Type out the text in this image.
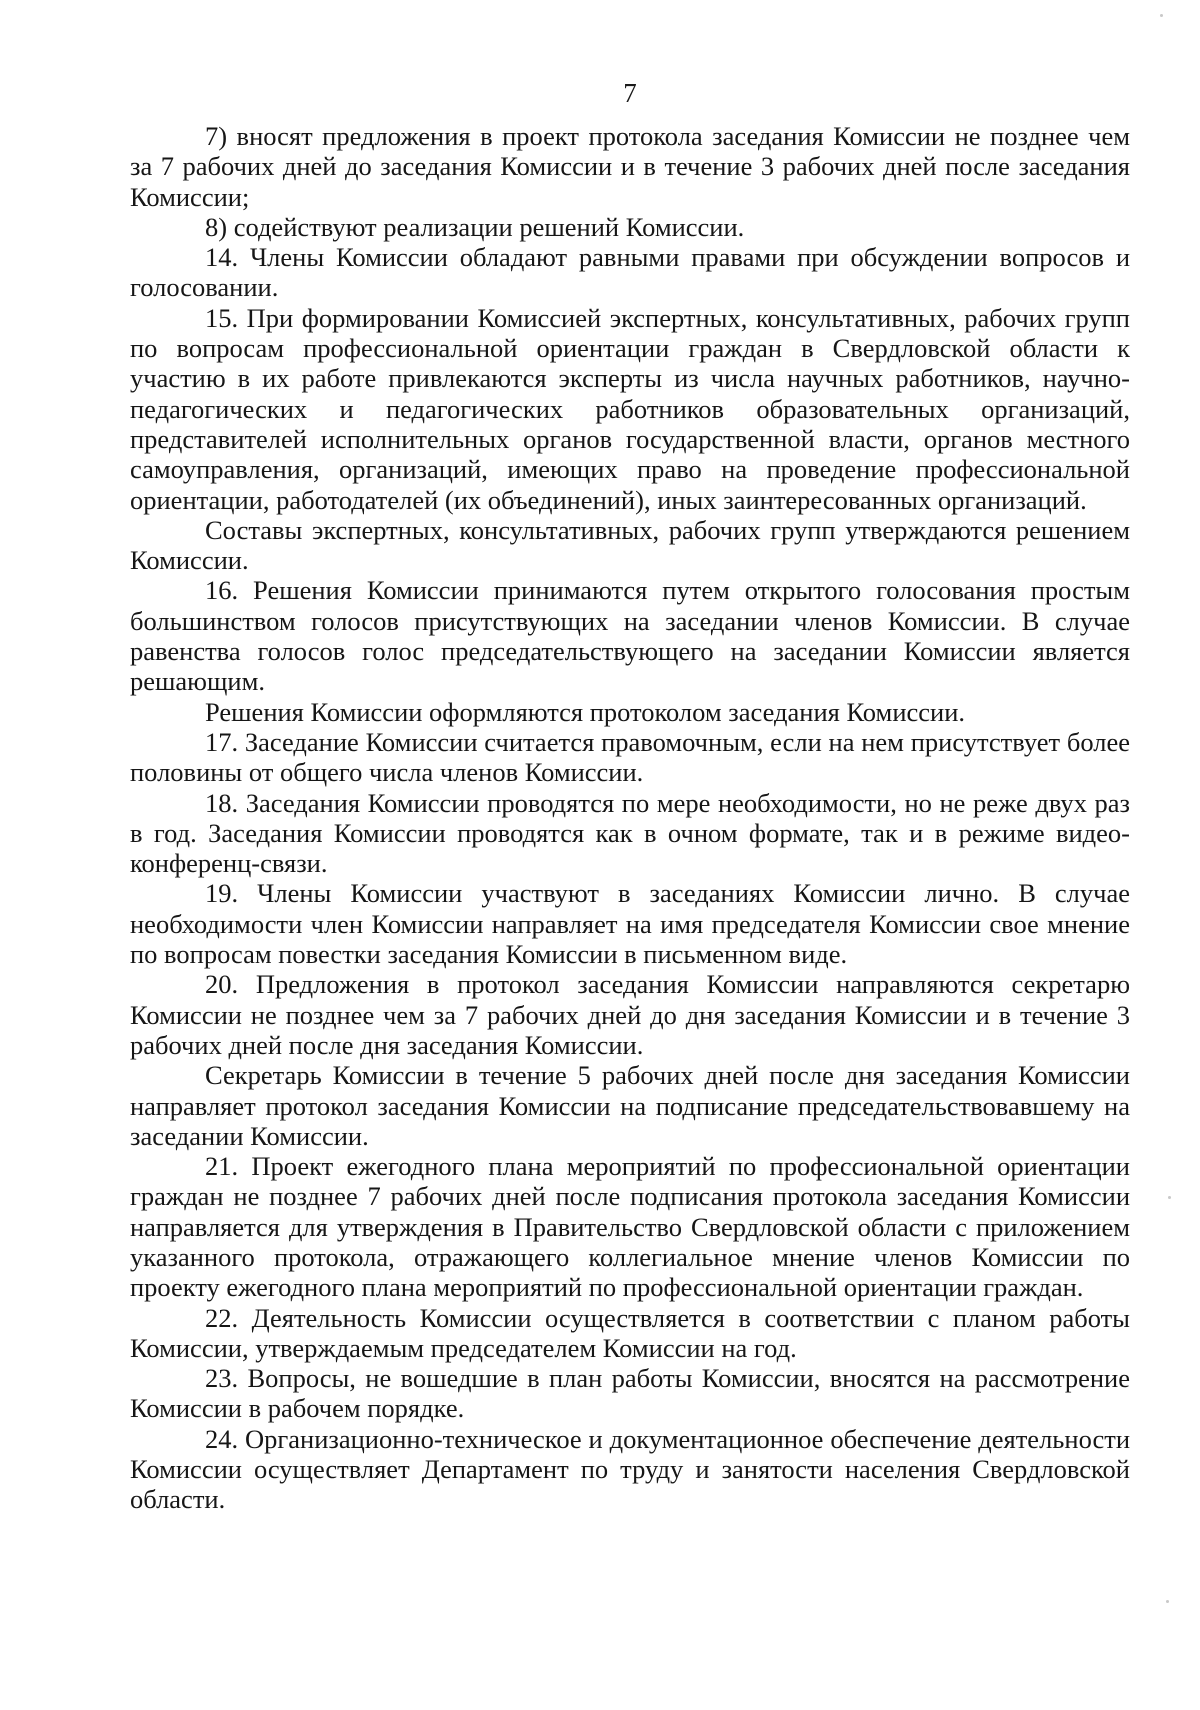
7

7) вносят предложения в проект протокола заседания Комиссии не позднее чем за 7 рабочих дней до заседания Комиссии и в течение 3 рабочих дней после заседания Комиссии;

8) содействуют реализации решений Комиссии.

14. Члены Комиссии обладают равными правами при обсуждении вопросов и голосовании.

15. При формировании Комиссией экспертных, консультативных, рабочих групп по вопросам профессиональной ориентации граждан в Свердловской области к участию в их работе привлекаются эксперты из числа научных работников, научно-педагогических и педагогических работников образовательных организаций, представителей исполнительных органов государственной власти, органов местного самоуправления, организаций, имеющих право на проведение профессиональной ориентации, работодателей (их объединений), иных заинтересованных организаций.

Составы экспертных, консультативных, рабочих групп утверждаются решением Комиссии.

16. Решения Комиссии принимаются путем открытого голосования простым большинством голосов присутствующих на заседании членов Комиссии. В случае равенства голосов голос председательствующего на заседании Комиссии является решающим.

Решения Комиссии оформляются протоколом заседания Комиссии.

17. Заседание Комиссии считается правомочным, если на нем присутствует более половины от общего числа членов Комиссии.

18. Заседания Комиссии проводятся по мере необходимости, но не реже двух раз в год. Заседания Комиссии проводятся как в очном формате, так и в режиме видео-конференц-связи.

19. Члены Комиссии участвуют в заседаниях Комиссии лично. В случае необходимости член Комиссии направляет на имя председателя Комиссии свое мнение по вопросам повестки заседания Комиссии в письменном виде.

20. Предложения в протокол заседания Комиссии направляются секретарю Комиссии не позднее чем за 7 рабочих дней до дня заседания Комиссии и в течение 3 рабочих дней после дня заседания Комиссии.

Секретарь Комиссии в течение 5 рабочих дней после дня заседания Комиссии направляет протокол заседания Комиссии на подписание председательствовавшему на заседании Комиссии.

21. Проект ежегодного плана мероприятий по профессиональной ориентации граждан не позднее 7 рабочих дней после подписания протокола заседания Комиссии направляется для утверждения в Правительство Свердловской области с приложением указанного протокола, отражающего коллегиальное мнение членов Комиссии по проекту ежегодного плана мероприятий по профессиональной ориентации граждан.

22. Деятельность Комиссии осуществляется в соответствии с планом работы Комиссии, утверждаемым председателем Комиссии на год.

23. Вопросы, не вошедшие в план работы Комиссии, вносятся на рассмотрение Комиссии в рабочем порядке.

24. Организационно-техническое и документационное обеспечение деятельности Комиссии осуществляет Департамент по труду и занятости населения Свердловской области.
